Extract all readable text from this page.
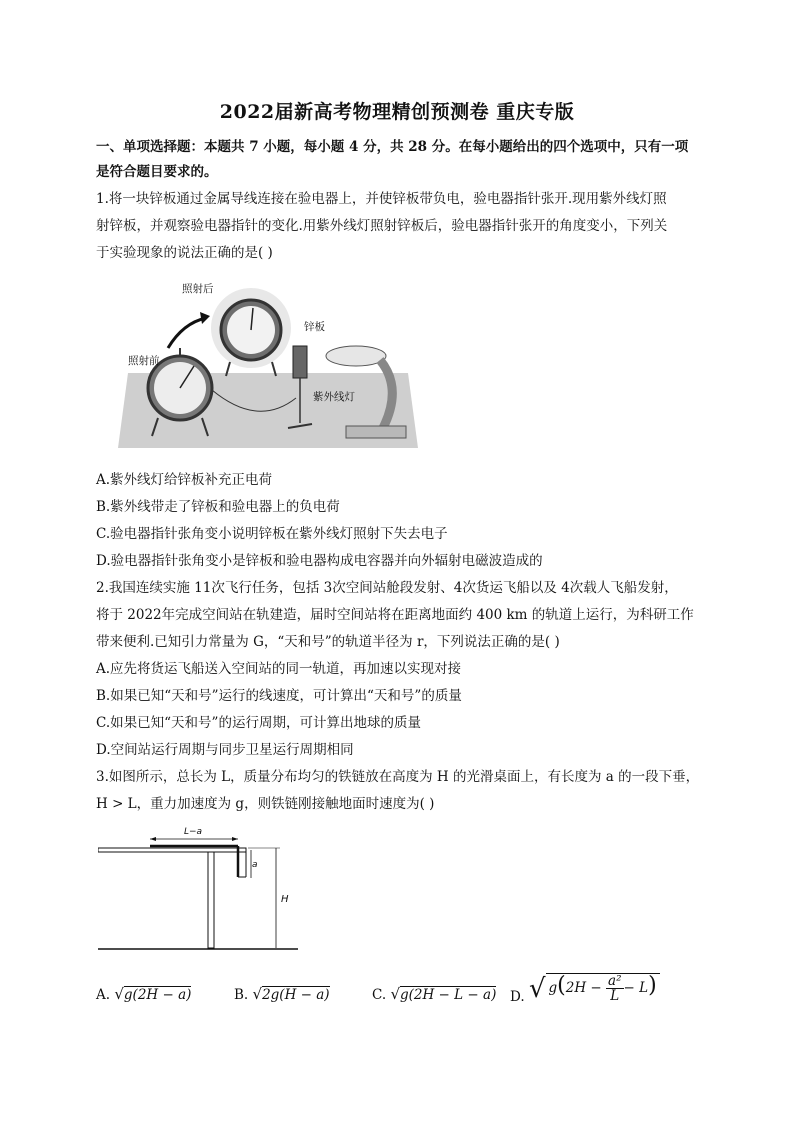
2022届新高考物理精创预测卷 重庆专版
一、单项选择题：本题共 7 小题，每小题 4 分，共 28 分。在每小题给出的四个选项中，只有一项
是符合题目要求的。
1.将一块锌板通过金属导线连接在验电器上，并使锌板带负电，验电器指针张开.现用紫外线灯照
射锌板，并观察验电器指针的变化.用紫外线灯照射锌板后，验电器指针张开的角度变小，下列关
于实验现象的说法正确的是( )
照射后
照射前
锌板
紫外线灯
A.紫外线灯给锌板补充正电荷
B.紫外线带走了锌板和验电器上的负电荷
C.验电器指针张角变小说明锌板在紫外线灯照射下失去电子
D.验电器指针张角变小是锌板和验电器构成电容器并向外辐射电磁波造成的
2.我国连续实施 11次飞行任务，包括 3次空间站舱段发射、4次货运飞船以及 4次载人飞船发射，
将于 2022年完成空间站在轨建造，届时空间站将在距离地面约 400 km 的轨道上运行，为科研工作
带来便利.已知引力常量为 G，“天和号”的轨道半径为 r，下列说法正确的是( )
A.应先将货运飞船送入空间站的同一轨道，再加速以实现对接
B.如果已知“天和号”运行的线速度，可计算出“天和号”的质量
C.如果已知“天和号”的运行周期，可计算出地球的质量
D.空间站运行周期与同步卫星运行周期相同
3.如图所示，总长为 L，质量分布均匀的铁链放在高度为 H 的光滑桌面上，有长度为 a 的一段下垂，
H > L，重力加速度为 g，则铁链刚接触地面时速度为( )
L−a
a
H
A. √g(2H − a)	B. √2g(H − a)	C. √g(2H − L − a) D. √ $g(2H - \frac{\text{a²}}{L} - L)$
